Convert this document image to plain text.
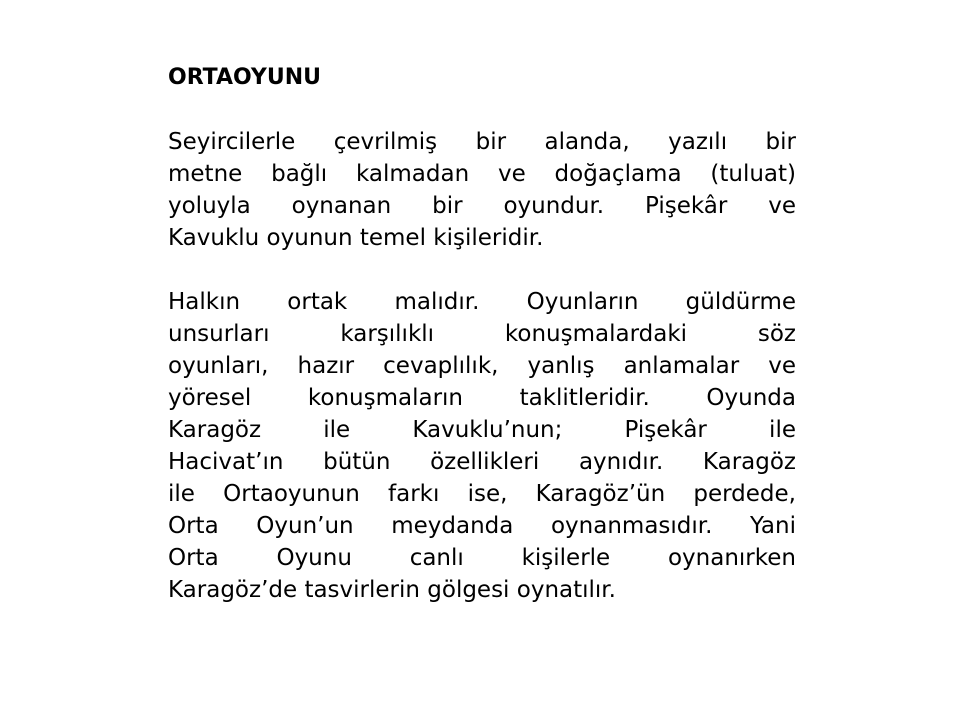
ORTAOYUNU
Seyircilerle çevrilmiş bir alanda, yazılı bir
metne bağlı kalmadan ve doğaçlama (tuluat)
yoluyla oynanan bir oyundur. Pişekâr ve
Kavuklu oyunun temel kişileridir.
Halkın ortak malıdır. Oyunların güldürme
unsurları karşılıklı konuşmalardaki söz
oyunları, hazır cevaplılık, yanlış anlamalar ve
yöresel konuşmaların taklitleridir. Oyunda
Karagöz ile Kavuklu’nun; Pişekâr ile
Hacivat’ın bütün özellikleri aynıdır. Karagöz
ile Ortaoyunun farkı ise, Karagöz’ün perdede,
Orta Oyun’un meydanda oynanmasıdır. Yani
Orta Oyunu canlı kişilerle oynanırken
Karagöz’de tasvirlerin gölgesi oynatılır.
